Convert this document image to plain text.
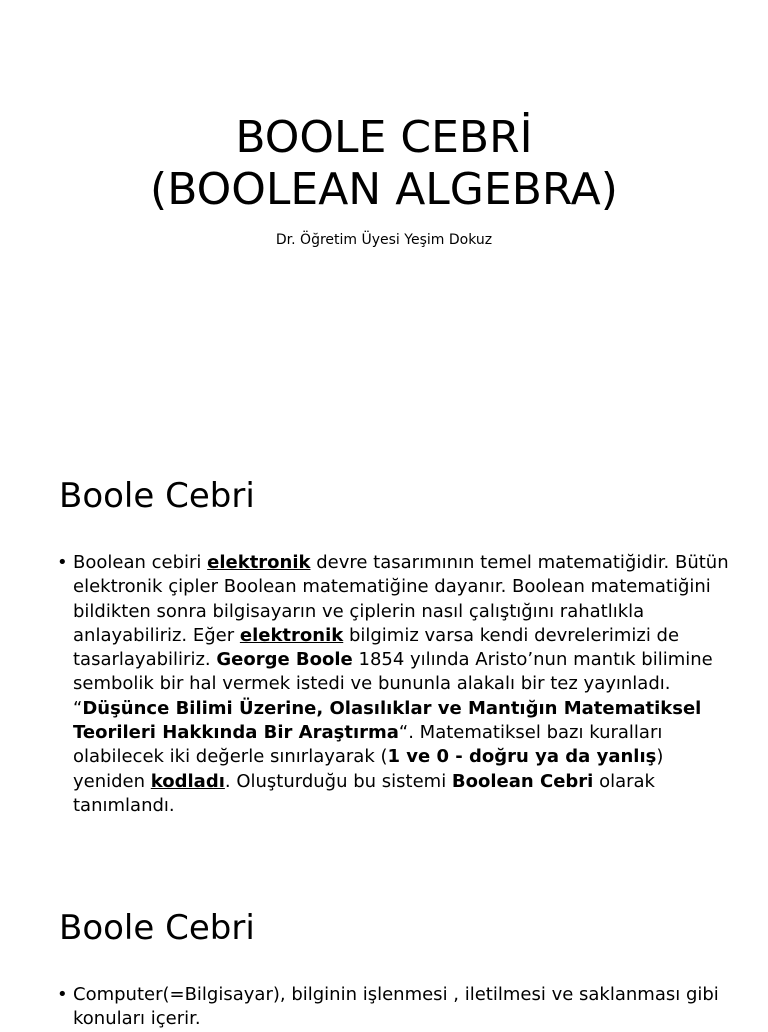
BOOLE CEBRİ
(BOOLEAN ALGEBRA)

Dr. Öğretim Üyesi Yeşim Dokuz

Boole Cebri
• Boolean cebiri elektronik devre tasarımının temel matematiğidir. Bütün elektronik çipler Boolean matematiğine dayanır. Boolean matematiğini bildikten sonra bilgisayarın ve çiplerin nasıl çalıştığını rahatlıkla anlayabiliriz. Eğer elektronik bilgimiz varsa kendi devrelerimizi de tasarlayabiliriz. George Boole 1854 yılında Aristo’nun mantık bilimine sembolik bir hal vermek istedi ve bununla alakalı bir tez yayınladı. “Düşünce Bilimi Üzerine, Olasılıklar ve Mantığın Matematiksel Teorileri Hakkında Bir Araştırma“. Matematiksel bazı kuralları olabilecek iki değerle sınırlayarak (1 ve 0 - doğru ya da yanlış) yeniden kodladı. Oluşturduğu bu sistemi Boolean Cebri olarak tanımlandı.
Boole Cebri
• Computer(=Bilgisayar), bilginin işlenmesi , iletilmesi ve saklanması gibi konuları içerir.
